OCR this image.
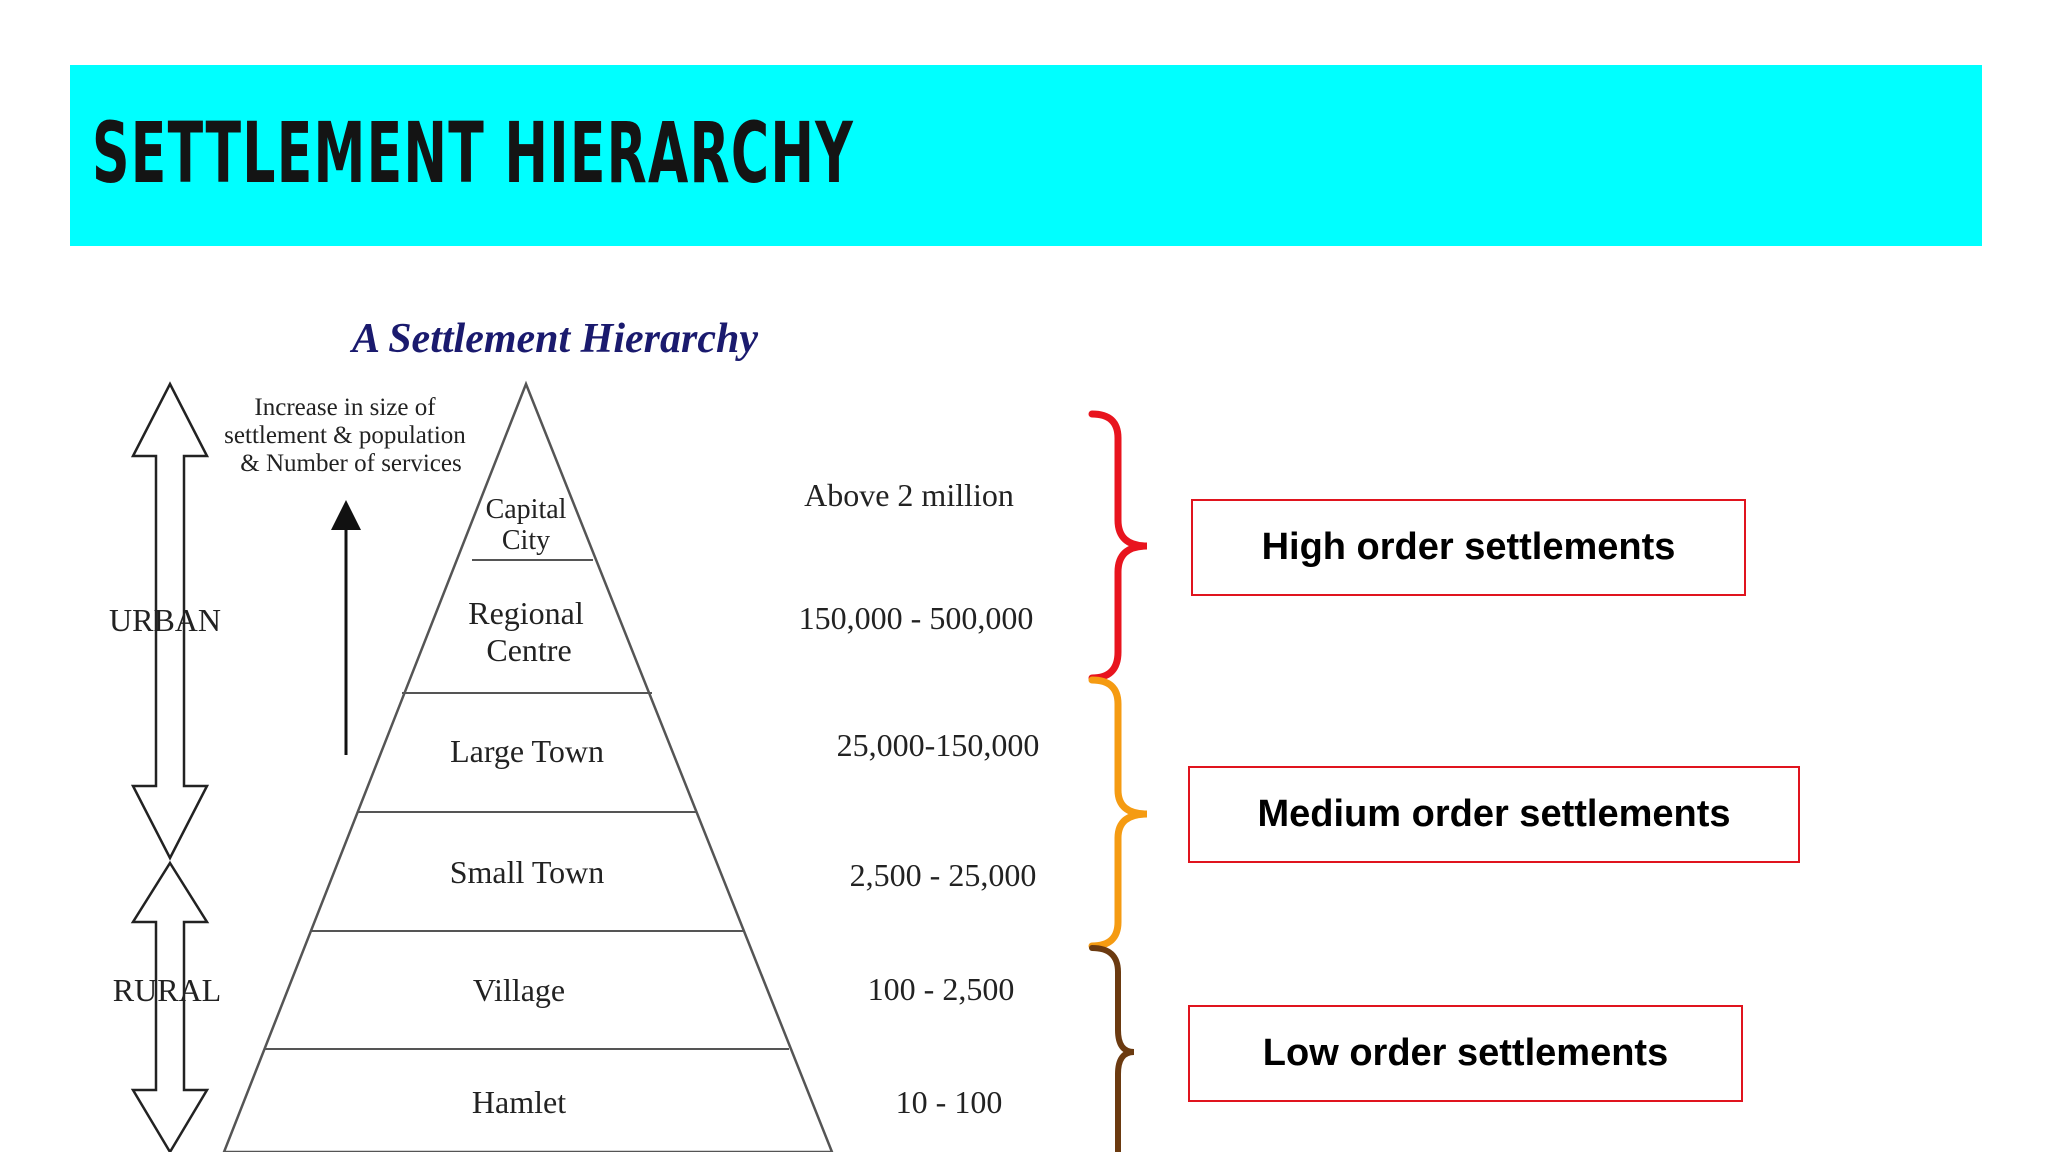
SETTLEMENT HIERARCHY
A Settlement Hierarchy
Increase in size of
settlement & population
& Number of services
URBAN
RURAL
Capital
City
Regional
Centre
Large Town
Small Town
Village
Hamlet
Above 2 million
150,000 - 500,000
25,000-150,000
2,500 - 25,000
100 - 2,500
10 - 100
High order settlements
Medium order settlements
Low order settlements
